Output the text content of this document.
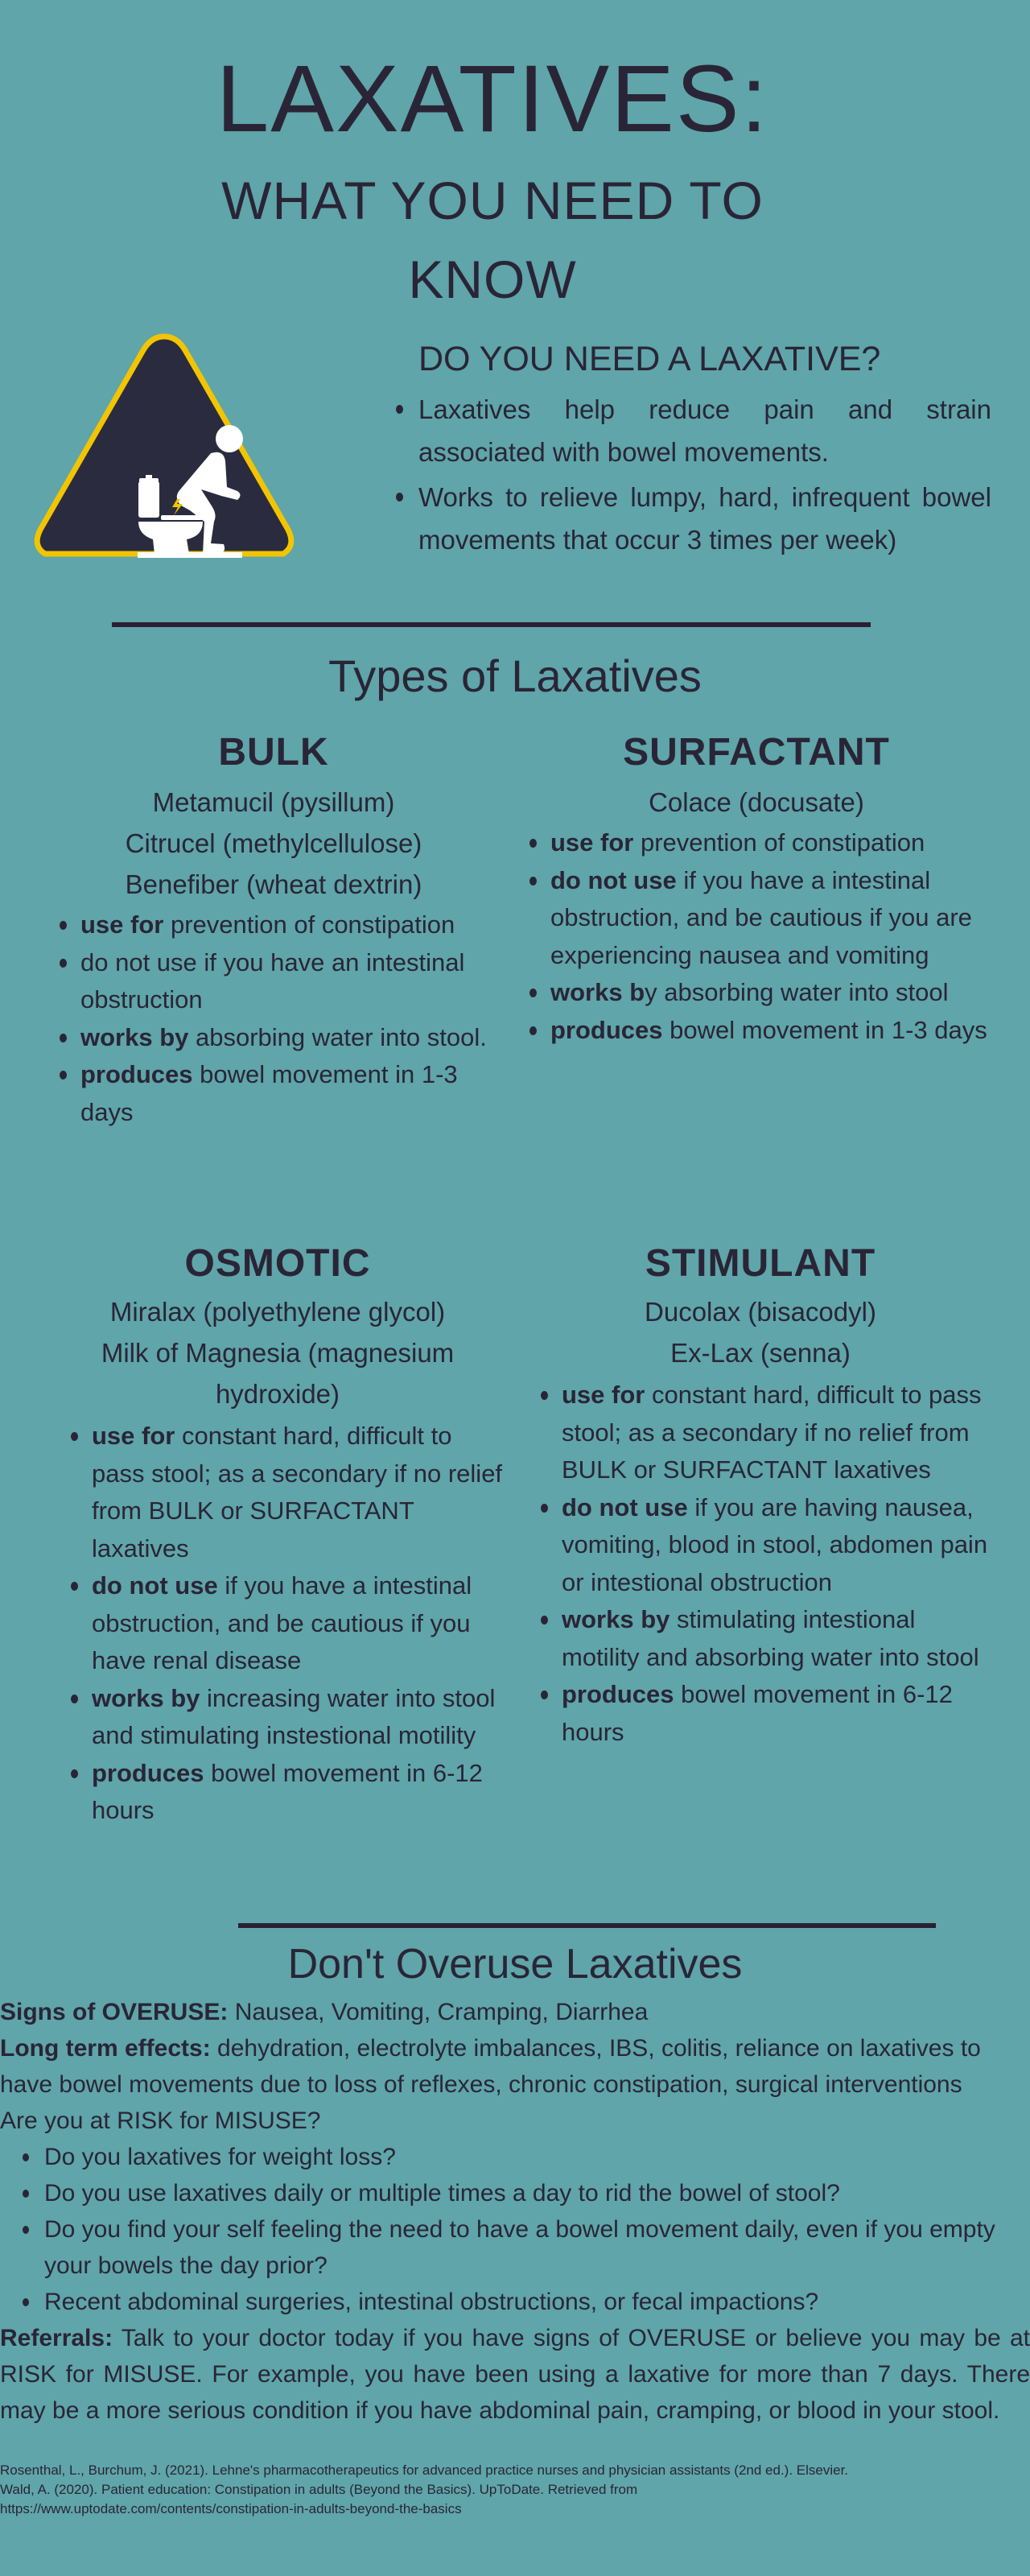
LAXATIVES:
WHAT YOU NEED TO
KNOW
DO YOU NEED A LAXATIVE?
Laxatives help reduce pain and strain associated with bowel movements.
Works to relieve lumpy, hard, infrequent bowel movements that occur 3 times per week)
Types of Laxatives
BULK
Metamucil (pysillum)
Citrucel (methylcellulose)
Benefiber (wheat dextrin)
use for prevention of constipation
do not use if you have an intestinal obstruction
works by absorbing water into stool.
produces bowel movement in 1-3 days
SURFACTANT
Colace (docusate)
use for prevention of constipation
do not use if you have a intestinal obstruction, and be cautious if you are experiencing nausea and vomiting
works by absorbing water into stool
produces bowel movement in 1-3 days
OSMOTIC
Miralax (polyethylene glycol)
Milk of Magnesia (magnesium hydroxide)
use for constant hard, difficult to pass stool; as a secondary if no relief from BULK or SURFACTANT laxatives
do not use if you have a intestinal obstruction, and be cautious if you have renal disease
works by increasing water into stool and stimulating instestional motility
produces bowel movement in 6-12 hours
STIMULANT
Ducolax (bisacodyl)
Ex-Lax (senna)
use for constant hard, difficult to pass stool; as a secondary if no relief from BULK or SURFACTANT laxatives
do not use if you are having nausea, vomiting, blood in stool, abdomen pain or intestional obstruction
works by stimulating intestional motility and absorbing water into stool
produces bowel movement in 6-12 hours
Don't Overuse Laxatives

Signs of OVERUSE: Nausea, Vomiting, Cramping, Diarrhea

Long term effects: dehydration, electrolyte imbalances, IBS, colitis, reliance on laxatives to have bowel movements due to loss of reflexes, chronic constipation, surgical interventions

Are you at RISK for MISUSE?

Do you laxatives for weight loss?
Do you use laxatives daily or multiple times a day to rid the bowel of stool?
Do you find your self feeling the need to have a bowel movement daily, even if you empty your bowels the day prior?
Recent abdominal surgeries, intestinal obstructions, or fecal impactions?

Referrals: Talk to your doctor today if you have signs of OVERUSE or believe you may be at RISK for MISUSE. For example, you have been using a laxative for more than 7 days. There may be a more serious condition if you have abdominal pain, cramping, or blood in your stool.

Rosenthal, L., Burchum, J. (2021). Lehne's pharmacotherapeutics for advanced practice nurses and physician assistants (2nd ed.). Elsevier.

Wald, A. (2020). Patient education: Constipation in adults (Beyond the Basics). UpToDate. Retrieved from

https://www.uptodate.com/contents/constipation-in-adults-beyond-the-basics
